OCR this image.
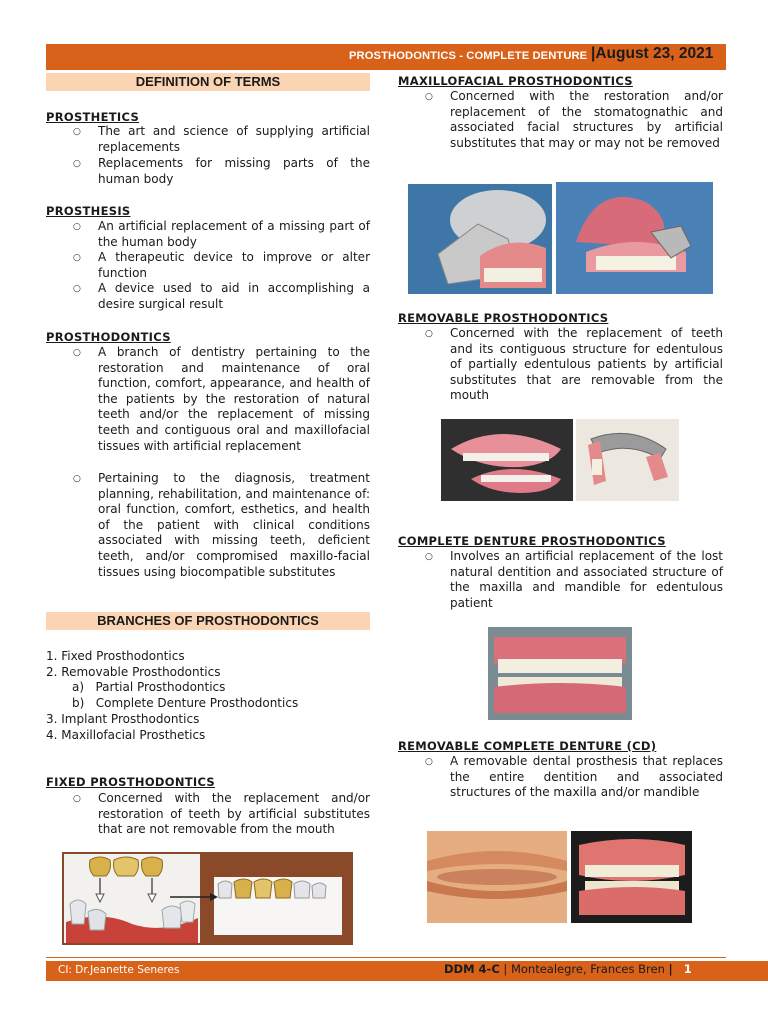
PROSTHODONTICS - COMPLETE DENTURE |August 23, 2021
DEFINITION OF TERMS
PROSTHETICS
○ The art and science of supplying artificial replacements
○ Replacements for missing parts of the human body
PROSTHESIS
○ An artificial replacement of a missing part of the human body
○ A therapeutic device to improve or alter function
○ A device used to aid in accomplishing a desire surgical result
PROSTHODONTICS
○ A branch of dentistry pertaining to the restoration and maintenance of oral function, comfort, appearance, and health of the patients by the restoration of natural teeth and/or the replacement of missing teeth and contiguous oral and maxillofacial tissues with artificial replacement
○ Pertaining to the diagnosis, treatment planning, rehabilitation, and maintenance of: oral function, comfort, esthetics, and health of the patient with clinical conditions associated with missing teeth, deficient teeth, and/or compromised maxillo-facial tissues using biocompatible substitutes
BRANCHES OF PROSTHODONTICS
1. Fixed Prosthodontics
2. Removable Prosthodontics
a)   Partial Prosthodontics
b)   Complete Denture Prosthodontics
3. Implant Prosthodontics
4. Maxillofacial Prosthetics
FIXED PROSTHODONTICS
○ Concerned with the replacement and/or restoration of teeth by artificial substitutes that are not removable from the mouth
MAXILLOFACIAL PROSTHODONTICS
○ Concerned with the restoration and/or replacement of the stomatognathic and associated facial structures by artificial substitutes that may or may not be removed
REMOVABLE PROSTHODONTICS
○ Concerned with the replacement of teeth and its contiguous structure for edentulous of partially edentulous patients by artificial substitutes that are removable from the mouth
COMPLETE DENTURE PROSTHODONTICS
○ Involves an artificial replacement of the lost natural dentition and associated structure of the maxilla and mandible for edentulous patient
REMOVABLE COMPLETE DENTURE (CD)
○ A removable dental prosthesis that replaces the entire dentition and associated structures of the maxilla and/or mandible
CI: Dr.Jeanette Seneres	DDM 4-C | Montealegre, Frances Bren | 1
